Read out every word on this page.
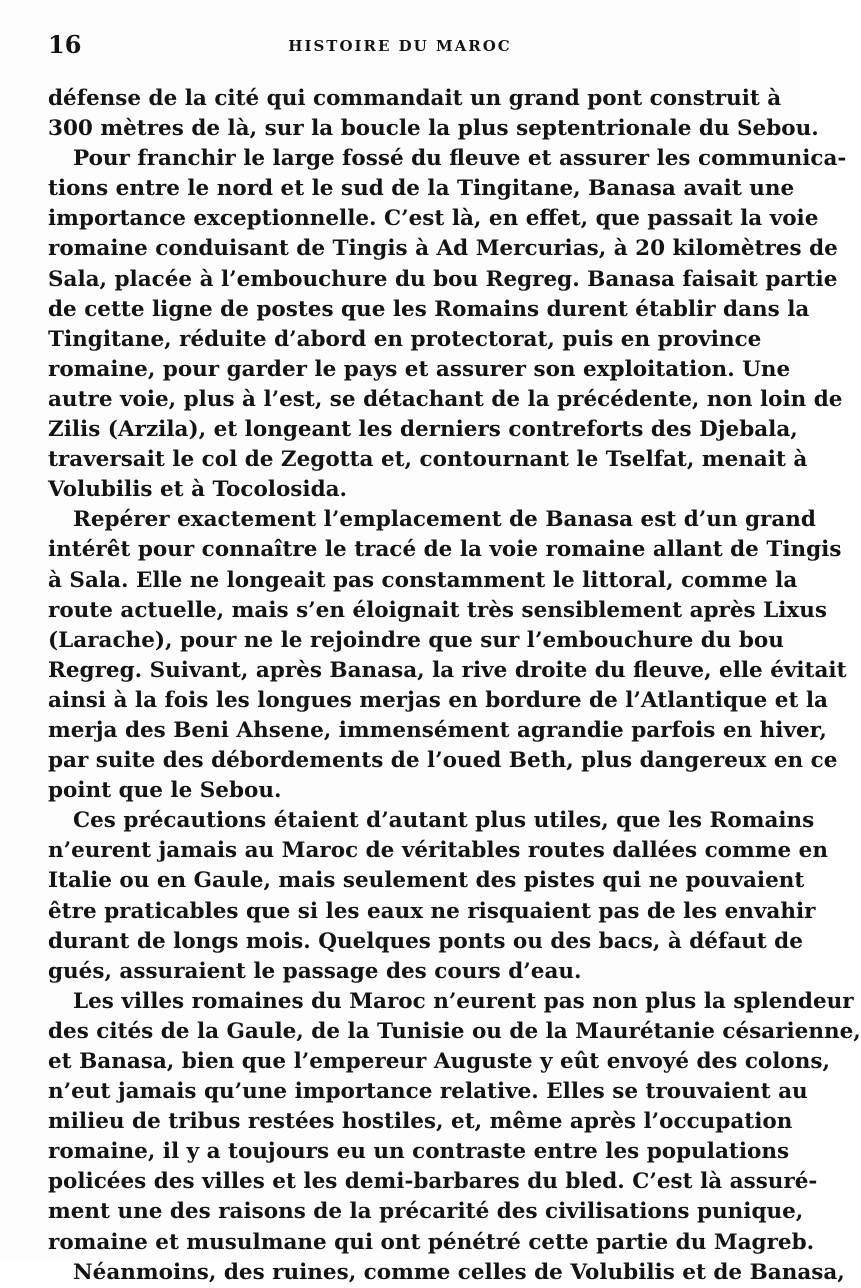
16	HISTOIRE DU MAROC
défense de la cité qui commandait un grand pont construit à
300 mètres de là, sur la boucle la plus septentrionale du Sebou.
Pour franchir le large fossé du fleuve et assurer les communica-
tions entre le nord et le sud de la Tingitane, Banasa avait une
importance exceptionnelle. C’est là, en effet, que passait la voie
romaine conduisant de Tingis à Ad Mercurias, à 20 kilomètres de
Sala, placée à l’embouchure du bou Regreg. Banasa faisait partie
de cette ligne de postes que les Romains durent établir dans la
Tingitane, réduite d’abord en protectorat, puis en province
romaine, pour garder le pays et assurer son exploitation. Une
autre voie, plus à l’est, se détachant de la précédente, non loin de
Zilis (Arzila), et longeant les derniers contreforts des Djebala,
traversait le col de Zegotta et, contournant le Tselfat, menait à
Volubilis et à Tocolosida.
Repérer exactement l’emplacement de Banasa est d’un grand
intérêt pour connaître le tracé de la voie romaine allant de Tingis
à Sala. Elle ne longeait pas constamment le littoral, comme la
route actuelle, mais s’en éloignait très sensiblement après Lixus
(Larache), pour ne le rejoindre que sur l’embouchure du bou
Regreg. Suivant, après Banasa, la rive droite du fleuve, elle évitait
ainsi à la fois les longues merjas en bordure de l’Atlantique et la
merja des Beni Ahsene, immensément agrandie parfois en hiver,
par suite des débordements de l’oued Beth, plus dangereux en ce
point que le Sebou.
Ces précautions étaient d’autant plus utiles, que les Romains
n’eurent jamais au Maroc de véritables routes dallées comme en
Italie ou en Gaule, mais seulement des pistes qui ne pouvaient
être praticables que si les eaux ne risquaient pas de les envahir
durant de longs mois. Quelques ponts ou des bacs, à défaut de
gués, assuraient le passage des cours d’eau.
Les villes romaines du Maroc n’eurent pas non plus la splendeur
des cités de la Gaule, de la Tunisie ou de la Maurétanie césarienne,
et Banasa, bien que l’empereur Auguste y eût envoyé des colons,
n’eut jamais qu’une importance relative. Elles se trouvaient au
milieu de tribus restées hostiles, et, même après l’occupation
romaine, il y a toujours eu un contraste entre les populations
policées des villes et les demi-barbares du bled. C’est là assuré-
ment une des raisons de la précarité des civilisations punique,
romaine et musulmane qui ont pénétré cette partie du Magreb.
Néanmoins, des ruines, comme celles de Volubilis et de Banasa,
